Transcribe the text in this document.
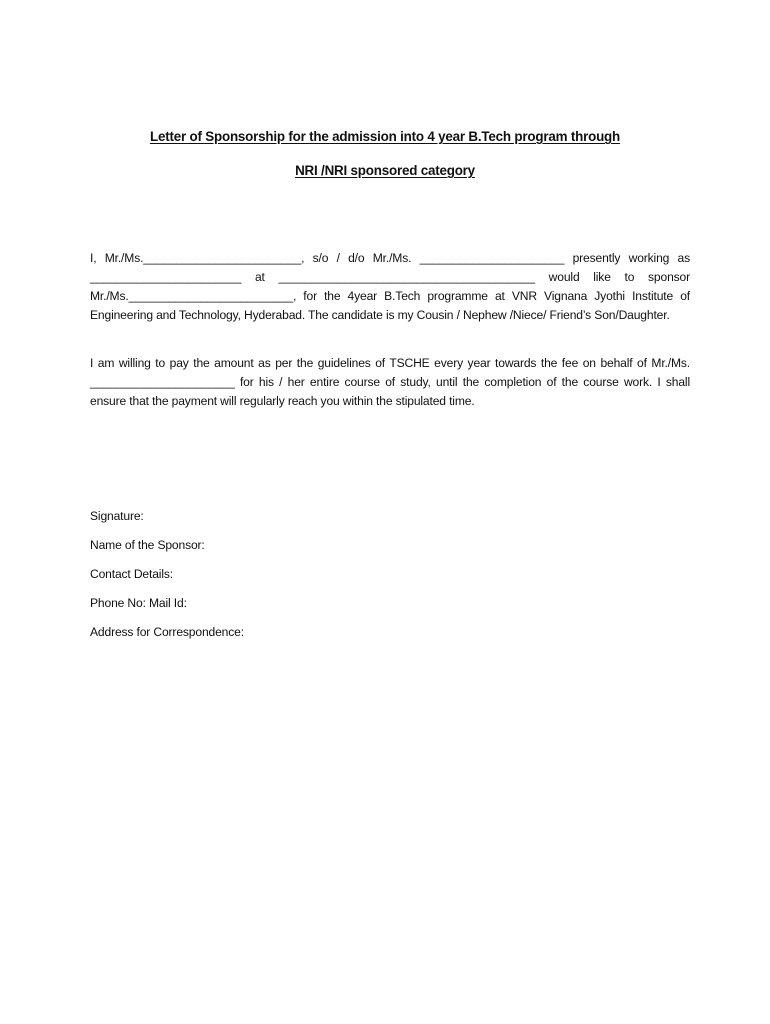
Letter of Sponsorship for the admission into 4 year B.Tech program through
NRI /NRI sponsored category

I, Mr./Ms.________________________, s/o / d/o Mr./Ms. ______________________ presently working as _______________________ at _______________________________________ would like to sponsor Mr./Ms._________________________, for the 4year B.Tech programme at VNR Vignana Jyothi Institute of Engineering and Technology, Hyderabad. The candidate is my Cousin / Nephew /Niece/ Friend’s Son/Daughter.

I am willing to pay the amount as per the guidelines of TSCHE every year towards the fee on behalf of Mr./Ms. ______________________ for his / her entire course of study, until the completion of the course work. I shall ensure that the payment will regularly reach you within the stipulated time.

Signature:
Name of the Sponsor:
Contact Details:
Phone No: Mail Id:
Address for Correspondence:
